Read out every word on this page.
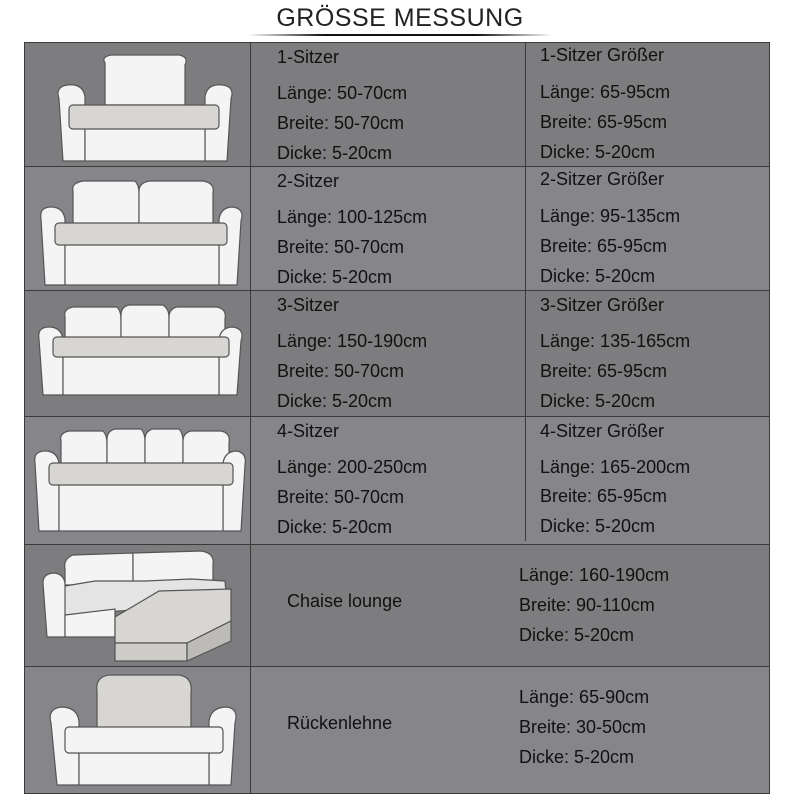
GRÖSSE MESSUNG
1-Sitzer
Länge: 50-70cm
Breite: 50-70cm
Dicke: 5-20cm
1-Sitzer Größer
Länge: 65-95cm
Breite: 65-95cm
Dicke: 5-20cm
2-Sitzer
Länge: 100-125cm
Breite: 50-70cm
Dicke: 5-20cm
2-Sitzer Größer
Länge: 95-135cm
Breite: 65-95cm
Dicke: 5-20cm
3-Sitzer
Länge: 150-190cm
Breite: 50-70cm
Dicke: 5-20cm
3-Sitzer Größer
Länge: 135-165cm
Breite: 65-95cm
Dicke: 5-20cm
4-Sitzer
Länge: 200-250cm
Breite: 50-70cm
Dicke: 5-20cm
4-Sitzer Größer
Länge: 165-200cm
Breite: 65-95cm
Dicke: 5-20cm
Chaise lounge
Länge: 160-190cm
Breite: 90-110cm
Dicke: 5-20cm
Rückenlehne
Länge: 65-90cm
Breite: 30-50cm
Dicke: 5-20cm
